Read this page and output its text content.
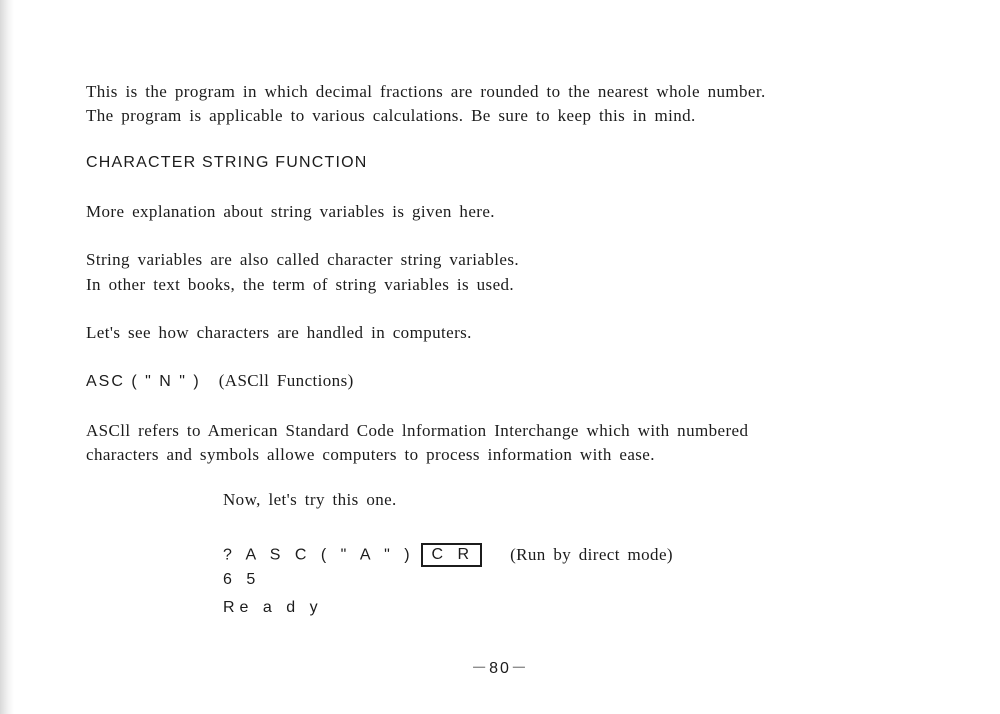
This is the program in which decimal fractions are rounded to the nearest whole number.
The program is applicable to various calculations. Be sure to keep this in mind.
CHARACTER STRING FUNCTION
More explanation about string variables is given here.
String variables are also called character string variables.
In other text books, the term of string variables is used.
Let's see how characters are handled in computers.
ASC ( " N " ) (ASCll Functions)
ASCll refers to American Standard Code lnformation Interchange which with numbered
characters and symbols allowe computers to process information with ease.
Now, let's try this one.
? A S C ( " A " ) C R (Run by direct mode)
6 5
Re a d y
－80－
